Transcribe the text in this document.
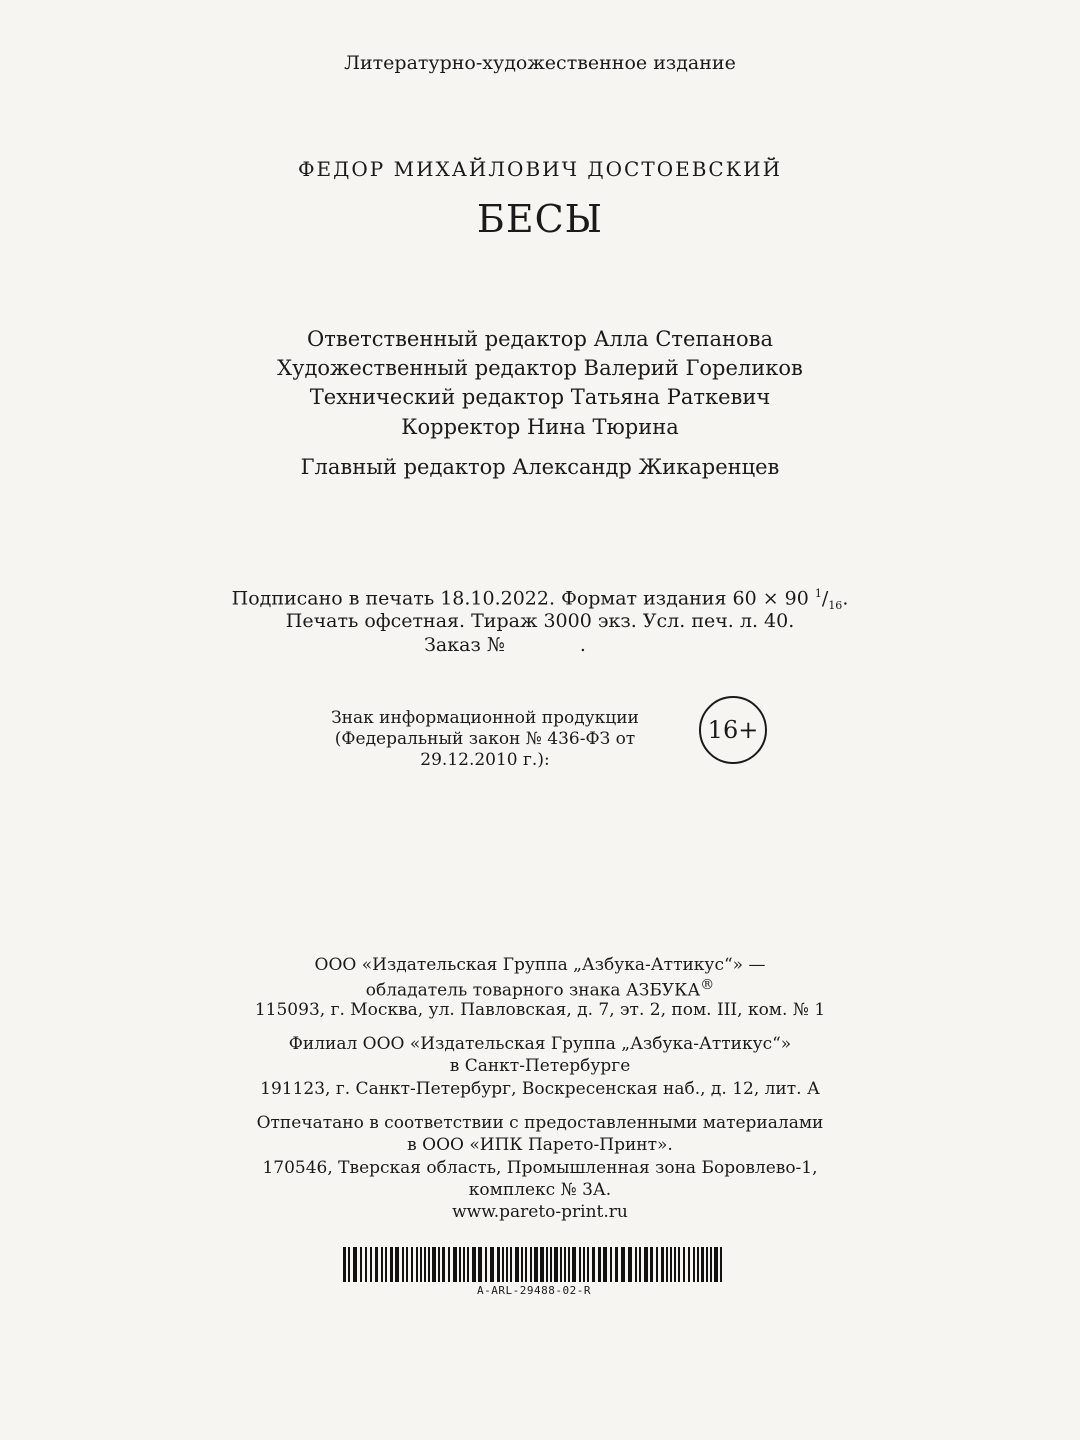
Литературно-художественное издание
ФЕДОР МИХАЙЛОВИЧ ДОСТОЕВСКИЙ
БЕСЫ
Ответственный редактор Алла Степанова
Художественный редактор Валерий Гореликов
Технический редактор Татьяна Раткевич
Корректор Нина Тюрина
Главный редактор Александр Жикаренцев
Подписано в печать 18.10.2022. Формат издания 60 × 90 $^1/_{16}$.
Печать офсетная. Тираж 3000 экз. Усл. печ. л. 40.
Заказ №	.
Знак информационной продукции
(Федеральный закон № 436-ФЗ от 29.12.2010 г.):
16+
ООО «Издательская Группа „Азбука-Аттикус“» —
обладатель товарного знака АЗБУКА®
115093, г. Москва, ул. Павловская, д. 7, эт. 2, пом. III, ком. № 1
Филиал ООО «Издательская Группа „Азбука-Аттикус“»
в Санкт-Петербурге
191123, г. Санкт-Петербург, Воскресенская наб., д. 12, лит. А
Отпечатано в соответствии с предоставленными материалами
в ООО «ИПК Парето-Принт».
170546, Тверская область, Промышленная зона Боровлево-1,
комплекс № 3А.
www.pareto-print.ru
A-ARL-29488-02-R
